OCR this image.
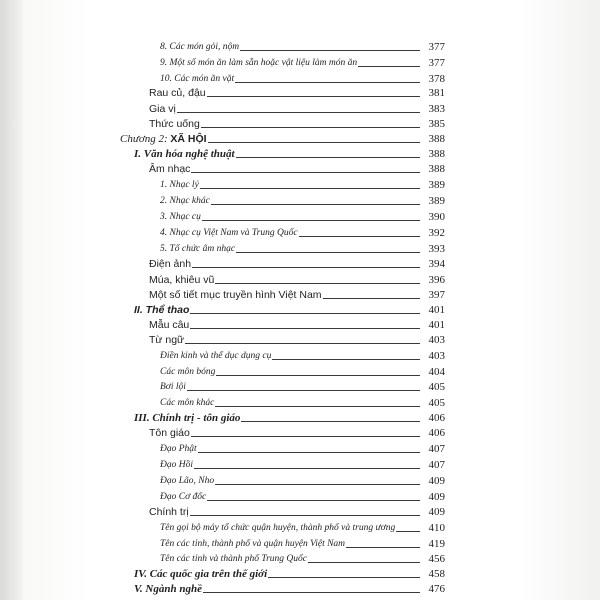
8. Các món gỏi, nộm	377
9. Một số món ăn làm sẵn hoặc vật liệu làm món ăn	377
10. Các món ăn vặt	378
Rau củ, đậu	381
Gia vị	383
Thức uống	385
Chương 2: XÃ HỘI	388
I. Văn hóa nghệ thuật	388
Âm nhạc	388
1. Nhạc lý	389
2. Nhạc khác	389
3. Nhạc cụ	390
4. Nhạc cụ Việt Nam và Trung Quốc	392
5. Tổ chức âm nhạc	393
Điện ảnh	394
Múa, khiêu vũ	396
Một số tiết mục truyền hình Việt Nam	397
II. Thể thao	401
Mẫu câu	401
Từ ngữ	403
Điền kinh và thể dục dụng cụ	403
Các môn bóng	404
Bơi lội	405
Các môn khác	405
III. Chính trị - tôn giáo	406
Tôn giáo	406
Đạo Phật	407
Đạo Hồi	407
Đạo Lão, Nho	409
Đạo Cơ đốc	409
Chính trị	409
Tên gọi bộ máy tổ chức quận huyện, thành phố và trung ương	410
Tên các tỉnh, thành phố và quận huyện Việt Nam	419
Tên các tỉnh và thành phố Trung Quốc	456
IV. Các quốc gia trên thế giới	458
V. Ngành nghề	476
